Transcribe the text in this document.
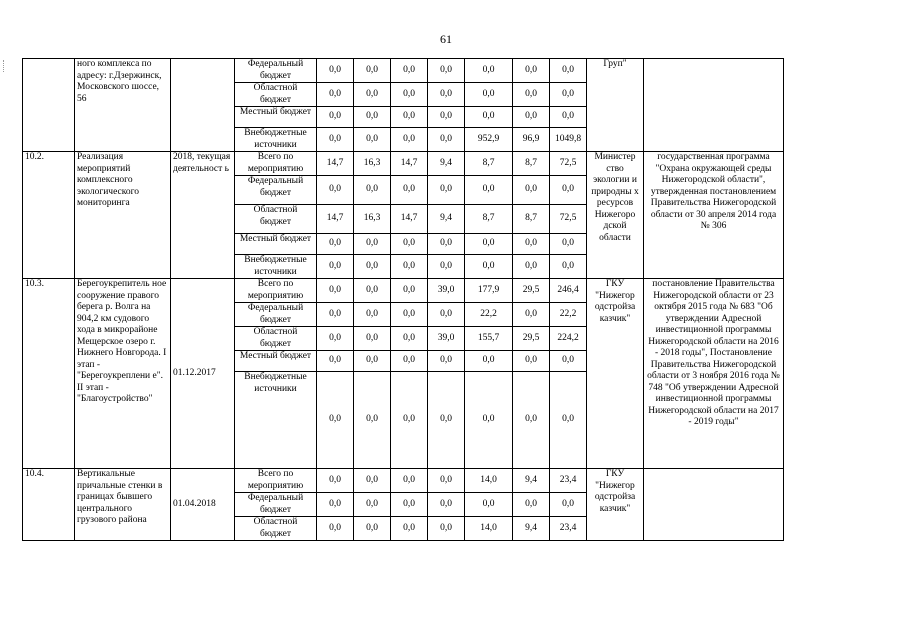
61
	ного комплекса по адресу: г.Дзержинск, Московского шоссе, 56		Федеральный бюджет	0,0	0,0	0,0	0,0	0,0	0,0	0,0	Груп"	
			Областной бюджет	0,0	0,0	0,0	0,0	0,0	0,0	0,0		
			Местный бюджет	0,0	0,0	0,0	0,0	0,0	0,0	0,0		
			Внебюджетные источники	0,0	0,0	0,0	0,0	952,9	96,9	1049,8		
10.2.	Реализация мероприятий комплексного экологического мониторинга	2018, текущая деятельност ь	Всего по мероприятию	14,7	16,3	14,7	9,4	8,7	8,7	72,5	Министер ство экологии и природны х ресурсов Нижегоро дской области	государственная программа "Охрана окружающей среды Нижегородской области", утвержденная постановлением Правительства Нижегородской области от 30 апреля 2014 года № 306
			Федеральный бюджет	0,0	0,0	0,0	0,0	0,0	0,0	0,0		
			Областной бюджет	14,7	16,3	14,7	9,4	8,7	8,7	72,5		
			Местный бюджет	0,0	0,0	0,0	0,0	0,0	0,0	0,0		
			Внебюджетные источники	0,0	0,0	0,0	0,0	0,0	0,0	0,0		
10.3.	Берегоукрепитель ное сооружение правого берега р. Волга на 904,2 км судового хода в микрорайоне Мещерское озеро г. Нижнего Новгорода. I этап - "Берегоукреплени е". II этап - "Благоустройство"	01.12.2017	Всего по мероприятию	0,0	0,0	0,0	39,0	177,9	29,5	246,4	ГКУ "Нижегор одстройза казчик"	постановление Правительства Нижегородской области от 23 октября 2015 года № 683 "Об утверждении Адресной инвестиционной программы Нижегородской области на 2016 - 2018 годы", Постановление Правительства Нижегородской области от 3 ноября 2016 года № 748 "Об утверждении Адресной инвестиционной программы Нижегородской области на 2017 - 2019 годы"
			Федеральный бюджет	0,0	0,0	0,0	0,0	22,2	0,0	22,2		
			Областной бюджет	0,0	0,0	0,0	39,0	155,7	29,5	224,2		
			Местный бюджет	0,0	0,0	0,0	0,0	0,0	0,0	0,0		
			Внебюджетные источники	0,0	0,0	0,0	0,0	0,0	0,0	0,0		
10.4.	Вертикальные причальные стенки в границах бывшего центрального грузового района	01.04.2018	Всего по мероприятию	0,0	0,0	0,0	0,0	14,0	9,4	23,4	ГКУ "Нижегор одстройза казчик"	
			Федеральный бюджет	0,0	0,0	0,0	0,0	0,0	0,0	0,0		
			Областной бюджет	0,0	0,0	0,0	0,0	14,0	9,4	23,4		
